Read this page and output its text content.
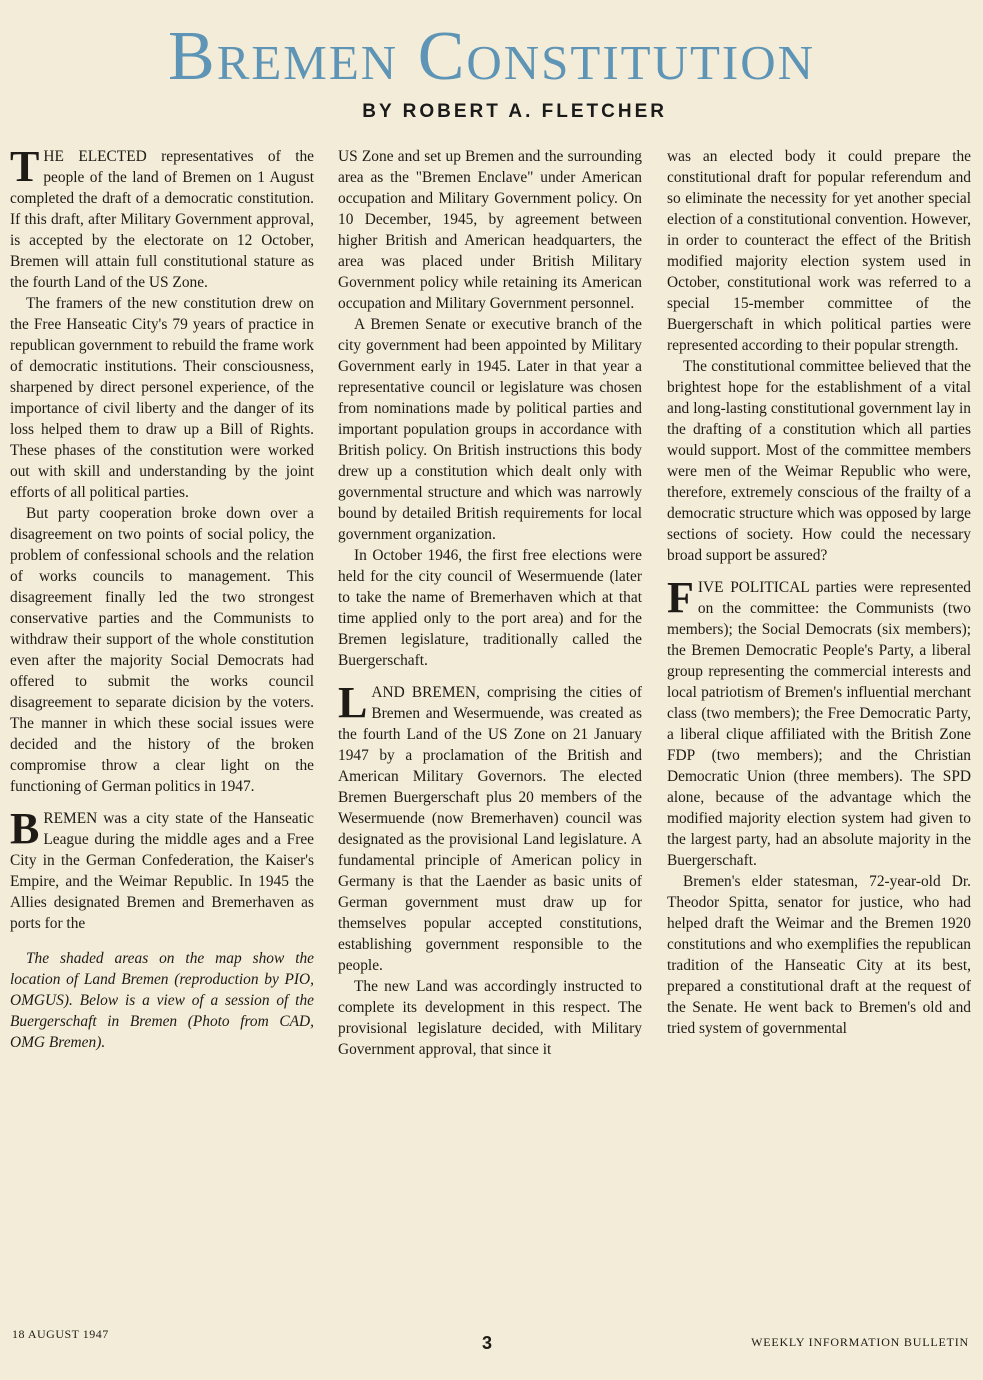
Bremen Constitution
BY ROBERT A. FLETCHER

THE ELECTED representatives of the people of the land of Bremen on 1 August completed the draft of a democratic constitution. If this draft, after Military Government approval, is accepted by the electorate on 12 October, Bremen will attain full constitutional stature as the fourth Land of the US Zone.

The framers of the new constitution drew on the Free Hanseatic City's 79 years of practice in republican government to rebuild the frame work of democratic institutions. Their consciousness, sharpened by direct personel experience, of the importance of civil liberty and the danger of its loss helped them to draw up a Bill of Rights. These phases of the constitution were worked out with skill and understanding by the joint efforts of all political parties.

But party cooperation broke down over a disagreement on two points of social policy, the problem of confessional schools and the relation of works councils to management. This disagreement finally led the two strongest conservative parties and the Communists to withdraw their support of the whole constitution even after the majority Social Democrats had offered to submit the works council disagreement to separate dicision by the voters. The manner in which these social issues were decided and the history of the broken compromise throw a clear light on the functioning of German politics in 1947.

BREMEN was a city state of the Hanseatic League during the middle ages and a Free City in the German Confederation, the Kaiser's Empire, and the Weimar Republic. In 1945 the Allies designated Bremen and Bremerhaven as ports for the

The shaded areas on the map show the location of Land Bremen (reproduction by PIO, OMGUS). Below is a view of a session of the Buergerschaft in Bremen (Photo from CAD, OMG Bremen).

US Zone and set up Bremen and the surrounding area as the "Bremen Enclave" under American occupation and Military Government policy. On 10 December, 1945, by agreement between higher British and American headquarters, the area was placed under British Military Government policy while retaining its American occupation and Military Government personnel.

A Bremen Senate or executive branch of the city government had been appointed by Military Government early in 1945. Later in that year a representative council or legislature was chosen from nominations made by political parties and important population groups in accordance with British policy. On British instructions this body drew up a constitution which dealt only with governmental structure and which was narrowly bound by detailed British requirements for local government organization.

In October 1946, the first free elections were held for the city council of Wesermuende (later to take the name of Bremerhaven which at that time applied only to the port area) and for the Bremen legislature, traditionally called the Buergerschaft.

LAND BREMEN, comprising the cities of Bremen and Wesermuende, was created as the fourth Land of the US Zone on 21 January 1947 by a proclamation of the British and American Military Governors. The elected Bremen Buergerschaft plus 20 members of the Wesermuende (now Bremerhaven) council was designated as the provisional Land legislature. A fundamental principle of American policy in Germany is that the Laender as basic units of German government must draw up for themselves popular accepted constitutions, establishing government responsible to the people.

The new Land was accordingly instructed to complete its development in this respect. The provisional legislature decided, with Military Government approval, that since it

was an elected body it could prepare the constitutional draft for popular referendum and so eliminate the necessity for yet another special election of a constitutional convention. However, in order to counteract the effect of the British modified majority election system used in October, constitutional work was referred to a special 15-member committee of the Buergerschaft in which political parties were represented according to their popular strength.

The constitutional committee believed that the brightest hope for the establishment of a vital and long-lasting constitutional government lay in the drafting of a constitution which all parties would support. Most of the committee members were men of the Weimar Republic who were, therefore, extremely conscious of the frailty of a democratic structure which was opposed by large sections of society. How could the necessary broad support be assured?

FIVE POLITICAL parties were represented on the committee: the Communists (two members); the Social Democrats (six members); the Bremen Democratic People's Party, a liberal group representing the commercial interests and local patriotism of Bremen's influential merchant class (two members); the Free Democratic Party, a liberal clique affiliated with the British Zone FDP (two members); and the Christian Democratic Union (three members). The SPD alone, because of the advantage which the modified majority election system had given to the largest party, had an absolute majority in the Buergerschaft.

Bremen's elder statesman, 72-year-old Dr. Theodor Spitta, senator for justice, who had helped draft the Weimar and the Bremen 1920 constitutions and who exemplifies the republican tradition of the Hanseatic City at its best, prepared a constitutional draft at the request of the Senate. He went back to Bremen's old and tried system of governmental

18 AUGUST 1947	3	WEEKLY INFORMATION BULLETIN
